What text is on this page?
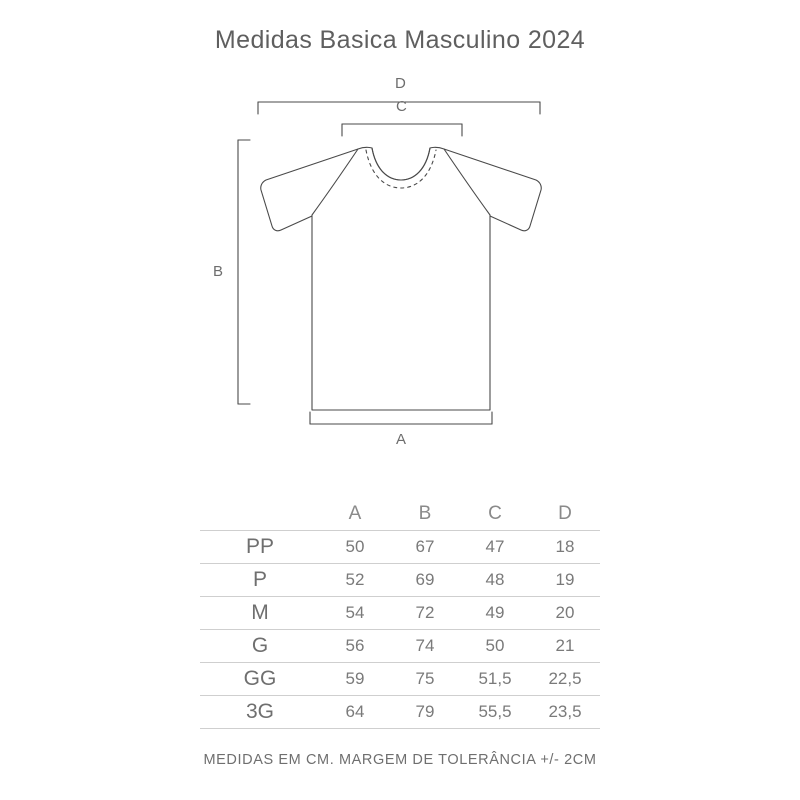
Medidas Basica Masculino 2024
D
C
B
A
	A	B	C	D
PP	50	67	47	18
P	52	69	48	19
M	54	72	49	20
G	56	74	50	21
GG	59	75	51,5	22,5
3G	64	79	55,5	23,5
MEDIDAS EM CM. MARGEM DE TOLERÂNCIA +/- 2CM
